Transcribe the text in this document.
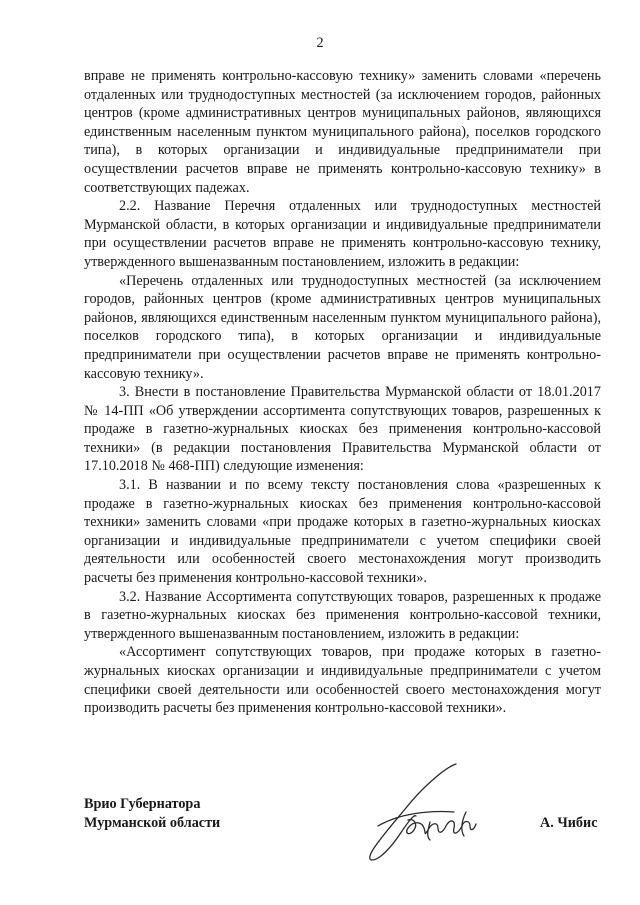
2

вправе не применять контрольно-кассовую технику» заменить словами «перечень отдаленных или труднодоступных местностей (за исключением городов, районных центров (кроме административных центров муниципальных районов, являющихся единственным населенным пунктом муниципального района), поселков городского типа), в которых организации и индивидуальные предприниматели при осуществлении расчетов вправе не применять контрольно-кассовую технику» в соответствующих падежах.

2.2. Название Перечня отдаленных или труднодоступных местностей Мурманской области, в которых организации и индивидуальные предприниматели при осуществлении расчетов вправе не применять контрольно-кассовую технику, утвержденного вышеназванным постановлением, изложить в редакции:

«Перечень отдаленных или труднодоступных местностей (за исключением городов, районных центров (кроме административных центров муниципальных районов, являющихся единственным населенным пунктом муниципального района), поселков городского типа), в которых организации и индивидуальные предприниматели при осуществлении расчетов вправе не применять контрольно-кассовую технику».

3. Внести в постановление Правительства Мурманской области от 18.01.2017 № 14-ПП «Об утверждении ассортимента сопутствующих товаров, разрешенных к продаже в газетно-журнальных киосках без применения контрольно-кассовой техники» (в редакции постановления Правительства Мурманской области от 17.10.2018 № 468-ПП) следующие изменения:

3.1. В названии и по всему тексту постановления слова «разрешенных к продаже в газетно-журнальных киосках без применения контрольно-кассовой техники» заменить словами «при продаже которых в газетно-журнальных киосках организации и индивидуальные предприниматели с учетом специфики своей деятельности или особенностей своего местонахождения могут производить расчеты без применения контрольно-кассовой техники».

3.2. Название Ассортимента сопутствующих товаров, разрешенных к продаже в газетно-журнальных киосках без применения контрольно-кассовой техники, утвержденного вышеназванным постановлением, изложить в редакции:

«Ассортимент сопутствующих товаров, при продаже которых в газетно-журнальных киосках организации и индивидуальные предприниматели с учетом специфики своей деятельности или особенностей своего местонахождения могут производить расчеты без применения контрольно-кассовой техники».

Врио Губернатора
Мурманской области	А. Чибис
